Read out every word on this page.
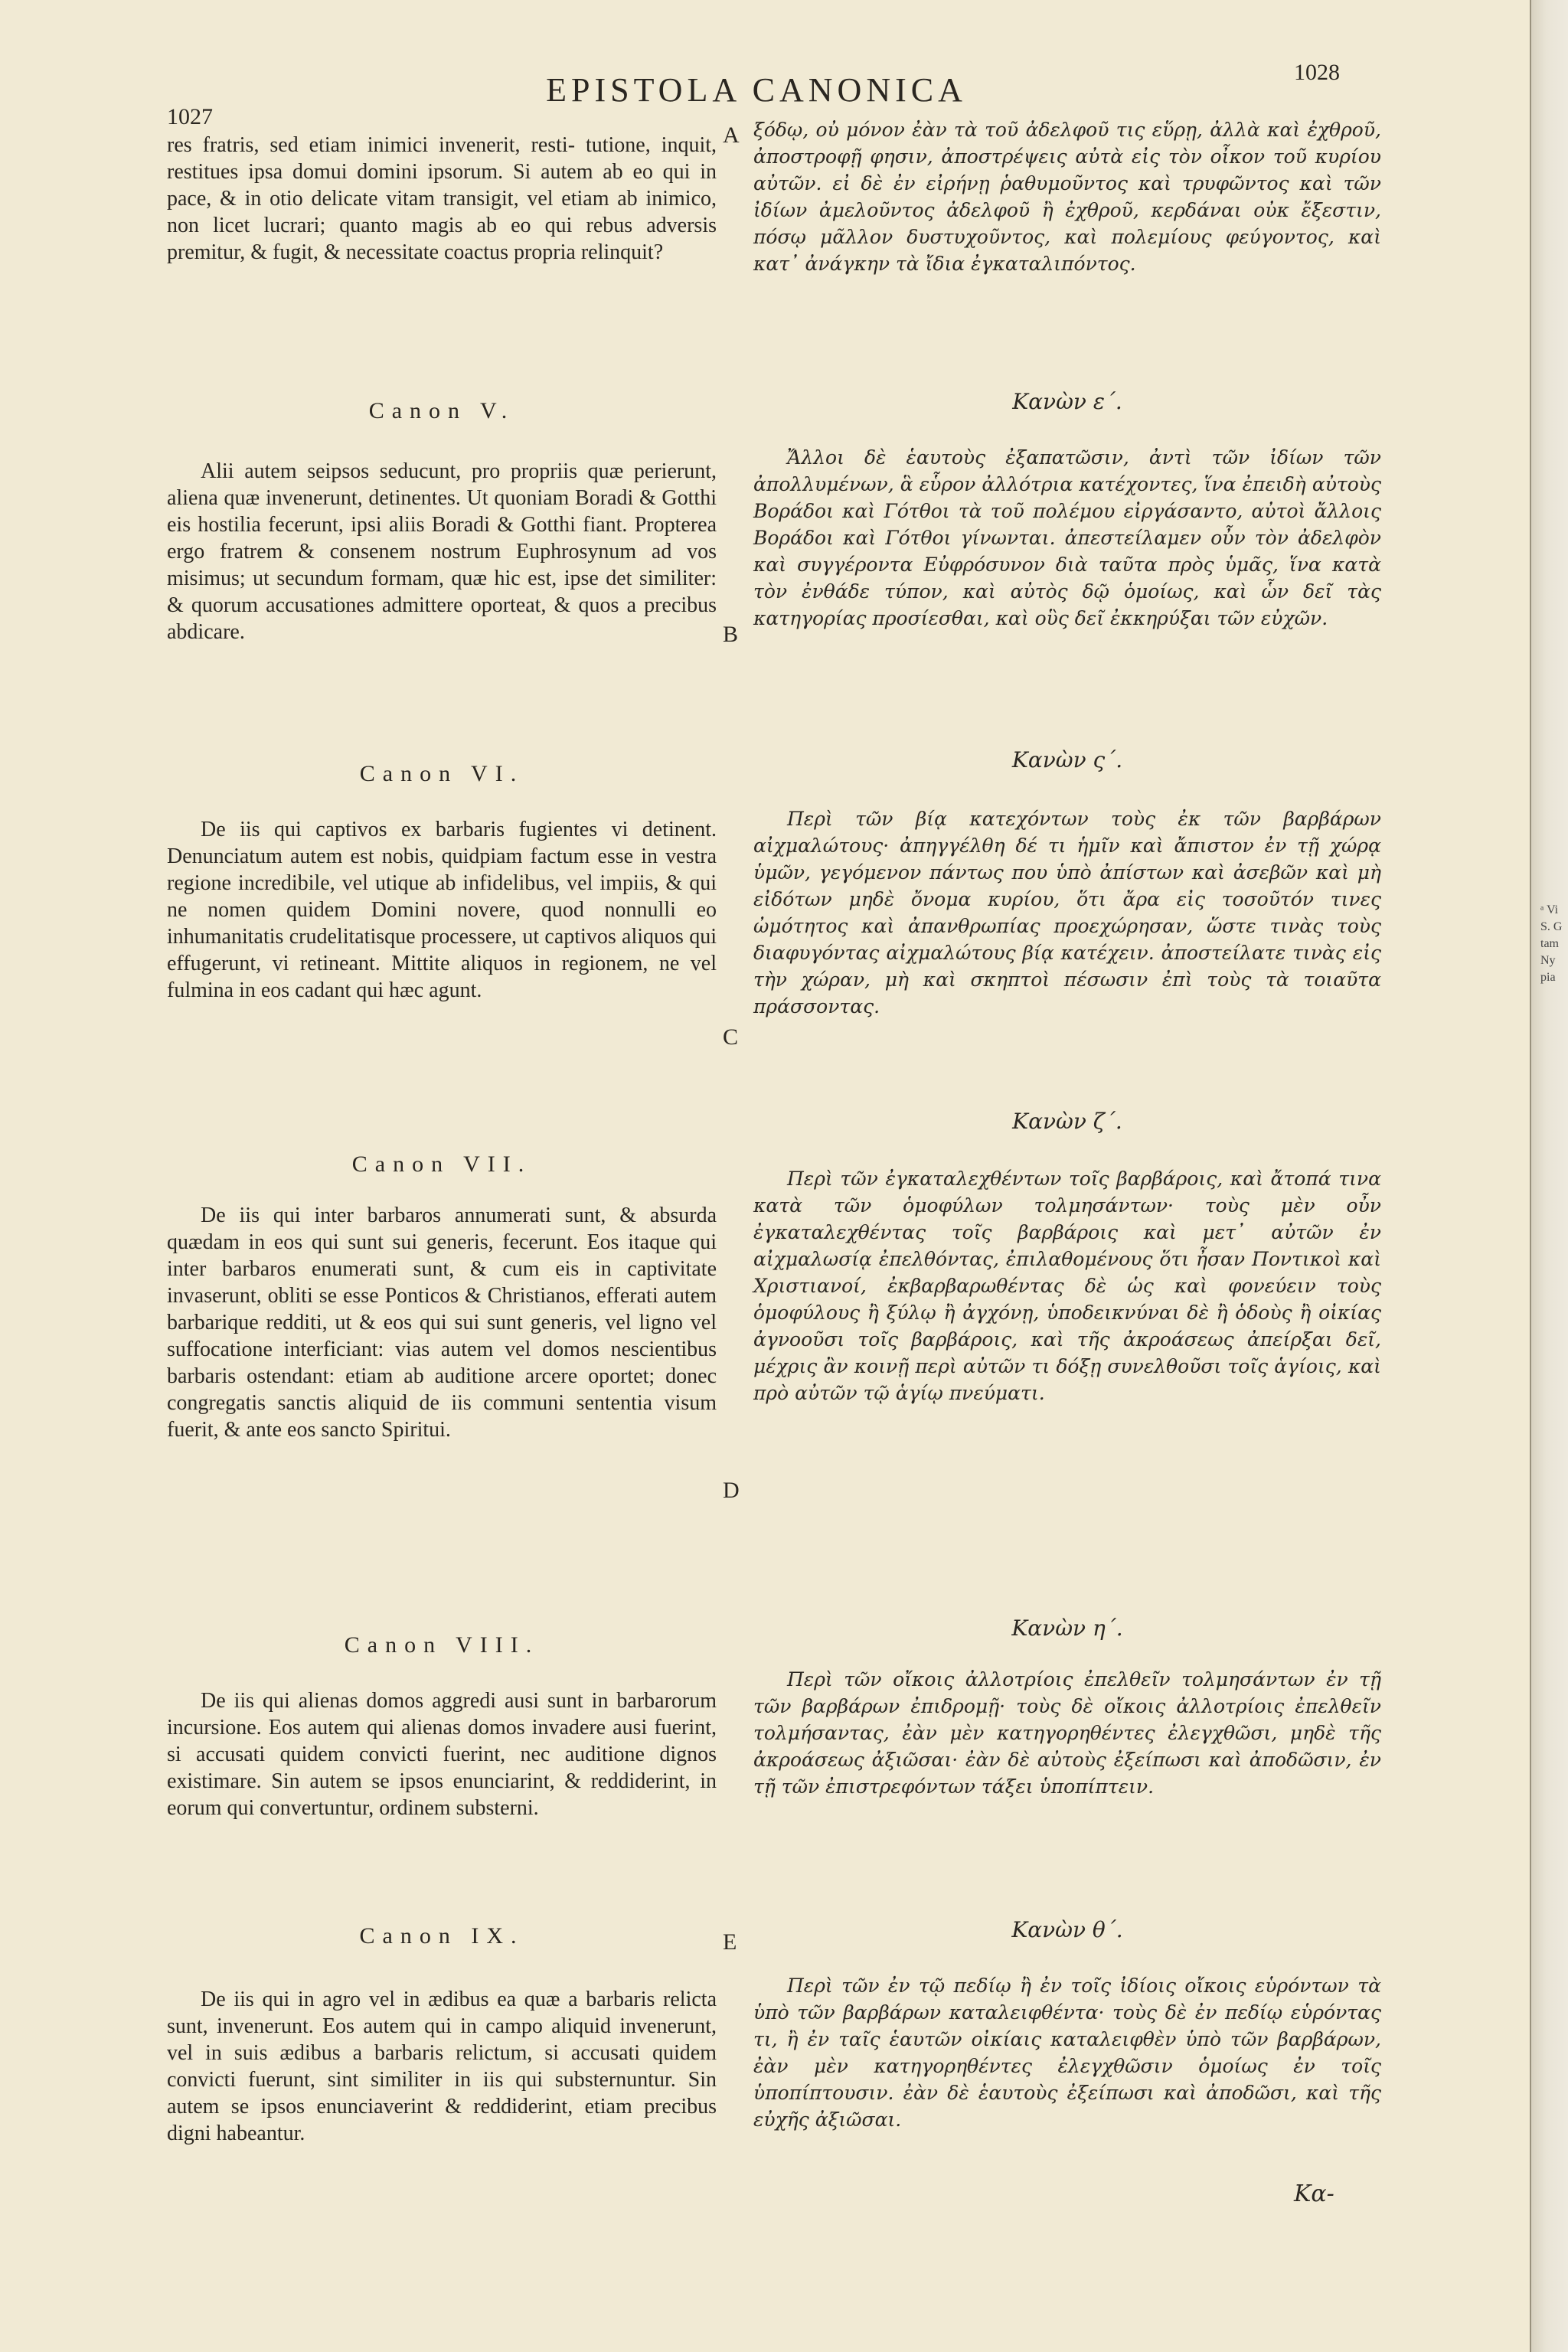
ᵃ Vi
S. G
tam
Ny
pia
1027
EPISTOLA CANONICA	1028

res fratris, sed etiam inimici invenerit, resti- tutione, inquit, restitues ipsa domui domini ipsorum. Si autem ab eo qui in pace, & in otio delicate vitam transigit, vel etiam ab inimico, non licet lucrari; quanto magis ab eo qui rebus adversis premitur, & fugit, & necessitate coactus propria relinquit?

ξόδῳ, οὐ μόνον ἐὰν τὰ τοῦ ἀδελφοῦ τις εὕρῃ, ἀλλὰ καὶ ἐχθροῦ, ἀποστροφῇ φησιν, ἀποστρέψεις αὐτὰ εἰς τὸν οἶκον τοῦ κυρίου αὐτῶν. εἰ δὲ ἐν εἰρήνῃ ῥαθυμοῦντος καὶ τρυφῶντος καὶ τῶν ἰδίων ἀμελοῦντος ἀδελφοῦ ἢ ἐχθροῦ, κερδάναι οὐκ ἔξεστιν, πόσῳ μᾶλλον δυστυχοῦντος, καὶ πολεμίους φεύγοντος, καὶ κατ᾽ ἀνάγκην τὰ ἴδια ἐγκαταλιπόντος.

Canon V.	Κανὼν ε΄.

Alii autem seipsos seducunt, pro propriis quæ perierunt, aliena quæ invenerunt, detinentes. Ut quoniam Boradi & Gotthi eis hostilia fecerunt, ipsi aliis Boradi & Gotthi fiant. Propterea ergo fratrem & consenem nostrum Euphrosynum ad vos misimus; ut secundum formam, quæ hic est, ipse det similiter: & quorum accusationes admittere oporteat, & quos a precibus abdicare.

Ἄλλοι δὲ ἑαυτοὺς ἐξαπατῶσιν, ἀντὶ τῶν ἰδίων τῶν ἀπολλυμένων, ἃ εὗρον ἀλλότρια κατέχοντες, ἵνα ἐπειδὴ αὐτοὺς Βοράδοι καὶ Γότθοι τὰ τοῦ πολέμου εἰργάσαντο, αὐτοὶ ἄλλοις Βοράδοι καὶ Γότθοι γίνωνται. ἀπεστείλαμεν οὖν τὸν ἀδελφὸν καὶ συγγέροντα Εὐφρόσυνον διὰ ταῦτα πρὸς ὑμᾶς, ἵνα κατὰ τὸν ἐνθάδε τύπον, καὶ αὐτὸς δῷ ὁμοίως, καὶ ὧν δεῖ τὰς κατηγορίας προσίεσθαι, καὶ οὓς δεῖ ἐκκηρύξαι τῶν εὐχῶν.

Canon VI.
Κανὼν ς΄.

De iis qui captivos ex barbaris fugientes vi detinent. Denunciatum autem est nobis, quidpiam factum esse in vestra regione incredibile, vel utique ab infidelibus, vel impiis, & qui ne nomen quidem Domini novere, quod nonnulli eo inhumanitatis crudelitatisque processere, ut captivos aliquos qui effugerunt, vi retineant. Mittite aliquos in regionem, ne vel fulmina in eos cadant qui hæc agunt.

Περὶ τῶν βίᾳ κατεχόντων τοὺς ἐκ τῶν βαρβάρων αἰχμαλώτους· ἀπηγγέλθη δέ τι ἡμῖν καὶ ἄπιστον ἐν τῇ χώρᾳ ὑμῶν, γεγόμενον πάντως που ὑπὸ ἀπίστων καὶ ἀσεβῶν καὶ μὴ εἰδότων μηδὲ ὄνομα κυρίου, ὅτι ἄρα εἰς τοσοῦτόν τινες ὠμότητος καὶ ἀπανθρωπίας προεχώρησαν, ὥστε τινὰς τοὺς διαφυγόντας αἰχμαλώτους βίᾳ κατέχειν. ἀποστείλατε τινὰς εἰς τὴν χώραν, μὴ καὶ σκηπτοὶ πέσωσιν ἐπὶ τοὺς τὰ τοιαῦτα πράσσοντας.

Canon VII.
Κανὼν ζ΄.

De iis qui inter barbaros annumerati sunt, & absurda quædam in eos qui sunt sui generis, fecerunt. Eos itaque qui inter barbaros enumerati sunt, & cum eis in captivitate invaserunt, obliti se esse Ponticos & Christianos, efferati autem barbarique redditi, ut & eos qui sui sunt generis, vel ligno vel suffocatione interficiant: vias autem vel domos nescientibus barbaris ostendant: etiam ab auditione arcere oportet; donec congregatis sanctis aliquid de iis communi sententia visum fuerit, & ante eos sancto Spiritui.

Περὶ τῶν ἐγκαταλεχθέντων τοῖς βαρβάροις, καὶ ἄτοπά τινα κατὰ τῶν ὁμοφύλων τολμησάντων· τοὺς μὲν οὖν ἐγκαταλεχθέντας τοῖς βαρβάροις καὶ μετ᾽ αὐτῶν ἐν αἰχμαλωσίᾳ ἐπελθόντας, ἐπιλαθομένους ὅτι ἦσαν Ποντικοὶ καὶ Χριστιανοί, ἐκβαρβαρωθέντας δὲ ὡς καὶ φονεύειν τοὺς ὁμοφύλους ἢ ξύλῳ ἢ ἀγχόνῃ, ὑποδεικνύναι δὲ ἢ ὁδοὺς ἢ οἰκίας ἀγνοοῦσι τοῖς βαρβάροις, καὶ τῆς ἀκροάσεως ἀπείρξαι δεῖ, μέχρις ἂν κοινῇ περὶ αὐτῶν τι δόξῃ συνελθοῦσι τοῖς ἁγίοις, καὶ πρὸ αὐτῶν τῷ ἁγίῳ πνεύματι.

Canon VIII.
Κανὼν η΄.

De iis qui alienas domos aggredi ausi sunt in barbarorum incursione. Eos autem qui alienas domos invadere ausi fuerint, si accusati quidem convicti fuerint, nec auditione dignos existimare. Sin autem se ipsos enunciarint, & reddiderint, in eorum qui convertuntur, ordinem substerni.

Περὶ τῶν οἴκοις ἀλλοτρίοις ἐπελθεῖν τολμησάντων ἐν τῇ τῶν βαρβάρων ἐπιδρομῇ· τοὺς δὲ οἴκοις ἀλλοτρίοις ἐπελθεῖν τολμήσαντας, ἐὰν μὲν κατηγορηθέντες ἐλεγχθῶσι, μηδὲ τῆς ἀκροάσεως ἀξιῶσαι· ἐὰν δὲ αὐτοὺς ἐξείπωσι καὶ ἀποδῶσιν, ἐν τῇ τῶν ἐπιστρεφόντων τάξει ὑποπίπτειν.

Canon IX.	Κανὼν θ΄.

De iis qui in agro vel in ædibus ea quæ a barbaris relicta sunt, invenerunt. Eos autem qui in campo aliquid invenerunt, vel in suis ædibus a barbaris relictum, si accusati quidem convicti fuerunt, sint similiter in iis qui substernuntur. Sin autem se ipsos enunciaverint & reddiderint, etiam precibus digni habeantur.

Περὶ τῶν ἐν τῷ πεδίῳ ἢ ἐν τοῖς ἰδίοις οἴκοις εὑρόντων τὰ ὑπὸ τῶν βαρβάρων καταλειφθέντα· τοὺς δὲ ἐν πεδίῳ εὑρόντας τι, ἢ ἐν ταῖς ἑαυτῶν οἰκίαις καταλειφθὲν ὑπὸ τῶν βαρβάρων, ἐὰν μὲν κατηγορηθέντες ἐλεγχθῶσιν ὁμοίως ἐν τοῖς ὑποπίπτουσιν. ἐὰν δὲ ἑαυτοὺς ἐξείπωσι καὶ ἀποδῶσι, καὶ τῆς εὐχῆς ἀξιῶσαι.

A
B
C
D
E
Κα-
